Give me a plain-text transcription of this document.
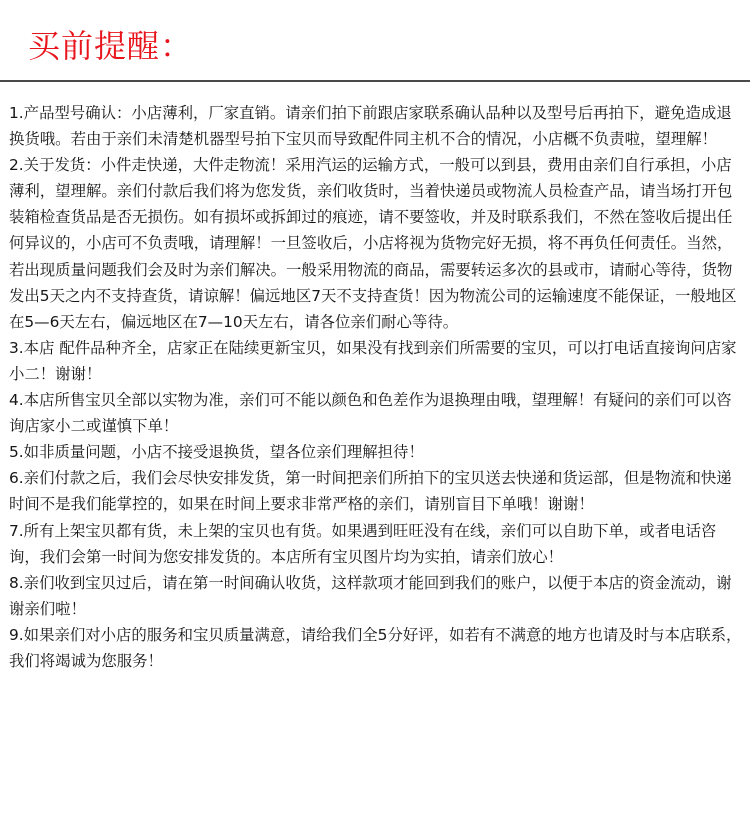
买前提醒：

1.产品型号确认：小店薄利，厂家直销。请亲们拍下前跟店家联系确认品种以及型号后再拍下，避免造成退换货哦。若由于亲们未清楚机器型号拍下宝贝而导致配件同主机不合的情况，小店概不负责啦，望理解！

2.关于发货：小件走快递，大件走物流！采用汽运的运输方式，一般可以到县，费用由亲们自行承担，小店薄利，望理解。亲们付款后我们将为您发货，亲们收货时，当着快递员或物流人员检查产品，请当场打开包装箱检查货品是否无损伤。如有损坏或拆卸过的痕迹，请不要签收，并及时联系我们，不然在签收后提出任何异议的，小店可不负责哦，请理解！一旦签收后，小店将视为货物完好无损，将不再负任何责任。当然，若出现质量问题我们会及时为亲们解决。一般采用物流的商品，需要转运多次的县或市，请耐心等待，货物发出5天之内不支持查货，请谅解！偏远地区7天不支持查货！因为物流公司的运输速度不能保证，一般地区在5—6天左右，偏远地区在7—10天左右，请各位亲们耐心等待。

3.本店 配件品种齐全，店家正在陆续更新宝贝，如果没有找到亲们所需要的宝贝，可以打电话直接询问店家小二！谢谢！

4.本店所售宝贝全部以实物为准，亲们可不能以颜色和色差作为退换理由哦，望理解！有疑问的亲们可以咨询店家小二或谨慎下单！

5.如非质量问题，小店不接受退换货，望各位亲们理解担待！

6.亲们付款之后，我们会尽快安排发货，第一时间把亲们所拍下的宝贝送去快递和货运部，但是物流和快递时间不是我们能掌控的，如果在时间上要求非常严格的亲们，请别盲目下单哦！谢谢！

7.所有上架宝贝都有货，未上架的宝贝也有货。如果遇到旺旺没有在线，亲们可以自助下单，或者电话咨询，我们会第一时间为您安排发货的。本店所有宝贝图片均为实拍，请亲们放心！

8.亲们收到宝贝过后，请在第一时间确认收货，这样款项才能回到我们的账户，以便于本店的资金流动，谢谢亲们啦！

9.如果亲们对小店的服务和宝贝质量满意，请给我们全5分好评，如若有不满意的地方也请及时与本店联系，我们将竭诚为您服务！
